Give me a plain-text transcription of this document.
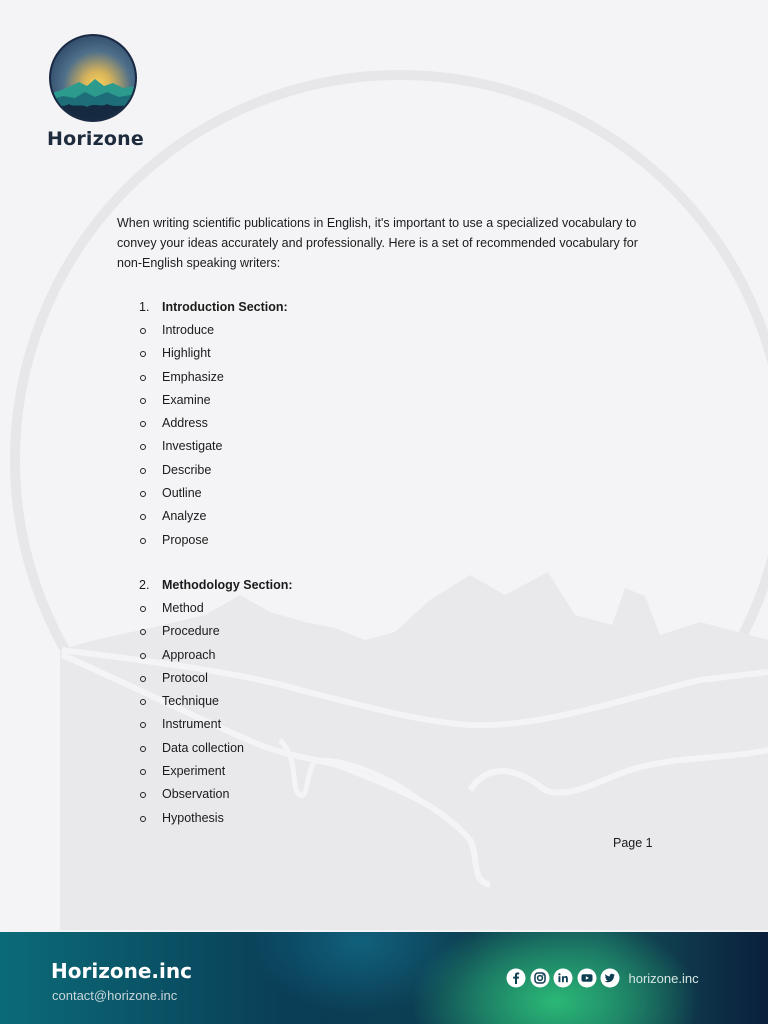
Horizone

When writing scientific publications in English, it's important to use a specialized vocabulary to convey your ideas accurately and professionally. Here is a set of recommended vocabulary for non-English speaking writers:

1. Introduction Section:
Introduce
Highlight
Emphasize
Examine
Address
Investigate
Describe
Outline
Analyze
Propose
2. Methodology Section:
Method
Procedure
Approach
Protocol
Technique
Instrument
Data collection
Experiment
Observation
Hypothesis
Page 1
Horizone.inc
contact@horizone.inc
horizone.inc
